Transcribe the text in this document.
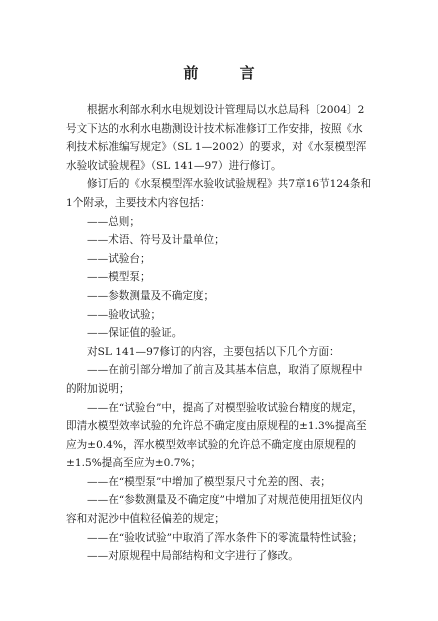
前 言

根据水利部水利水电规划设计管理局以水总局科〔2004〕2号文下达的水利水电勘测设计技术标准修订工作安排，按照《水利技术标准编写规定》（SL 1—2002）的要求，对《水泵模型浑水验收试验规程》（SL 141—97）进行修订。

修订后的《水泵模型浑水验收试验规程》共7章16节124条和1个附录，主要技术内容包括：

——总则；

——术语、符号及计量单位；

——试验台；

——模型泵；

——参数测量及不确定度；

——验收试验；

——保证值的验证。

对SL 141—97修订的内容，主要包括以下几个方面：

——在前引部分增加了前言及其基本信息，取消了原规程中的附加说明；

——在“试验台”中，提高了对模型验收试验台精度的规定，即清水模型效率试验的允许总不确定度由原规程的±1.3%提高至应为±0.4%，浑水模型效率试验的允许总不确定度由原规程的±1.5%提高至应为±0.7%；

——在“模型泵”中增加了模型泵尺寸允差的图、表；

——在“参数测量及不确定度”中增加了对规范使用扭矩仪内容和对泥沙中值粒径偏差的规定；

——在“验收试验”中取消了浑水条件下的零流量特性试验；

——对原规程中局部结构和文字进行了修改。
